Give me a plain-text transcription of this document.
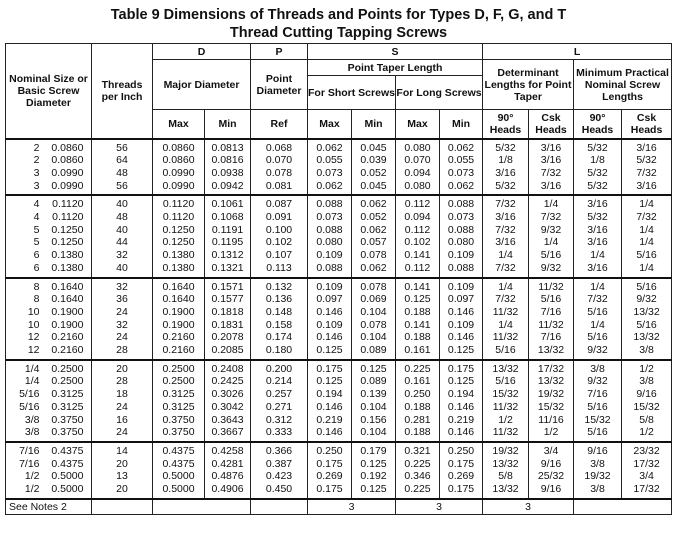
Table 9 Dimensions of Threads and Points for Types D, F, G, and T
Thread Cutting Tapping Screws
Nominal Size or Basic Screw Diameter	Threads per Inch	D		P	S				L			
		Major Diameter		Point Diameter	Point Taper Length				Determinant Lengths for Point Taper		Minimum Practical Nominal Screw Lengths	
					For Short Screws		For Long Screws					
		Max	Min	Ref	Max	Min	Max	Min	90° Heads	Csk Heads	90° Heads	Csk Heads
2 0.0860	56	0.0860	0.0813	0.068	0.062	0.045	0.080	0.062	5/32	3/16	5/32	3/16
2 0.0860	64	0.0860	0.0816	0.070	0.055	0.039	0.070	0.055	1/8	3/16	1/8	5/32
3 0.0990	48	0.0990	0.0938	0.078	0.073	0.052	0.094	0.073	3/16	7/32	5/32	7/32
3 0.0990	56	0.0990	0.0942	0.081	0.062	0.045	0.080	0.062	5/32	3/16	5/32	3/16
4 0.1120	40	0.1120	0.1061	0.087	0.088	0.062	0.112	0.088	7/32	1/4	3/16	1/4
4 0.1120	48	0.1120	0.1068	0.091	0.073	0.052	0.094	0.073	3/16	7/32	5/32	7/32
5 0.1250	40	0.1250	0.1191	0.100	0.088	0.062	0.112	0.088	7/32	9/32	3/16	1/4
5 0.1250	44	0.1250	0.1195	0.102	0.080	0.057	0.102	0.080	3/16	1/4	3/16	1/4
6 0.1380	32	0.1380	0.1312	0.107	0.109	0.078	0.141	0.109	1/4	5/16	1/4	5/16
6 0.1380	40	0.1380	0.1321	0.113	0.088	0.062	0.112	0.088	7/32	9/32	3/16	1/4
8 0.1640	32	0.1640	0.1571	0.132	0.109	0.078	0.141	0.109	1/4	11/32	1/4	5/16
8 0.1640	36	0.1640	0.1577	0.136	0.097	0.069	0.125	0.097	7/32	5/16	7/32	9/32
10 0.1900	24	0.1900	0.1818	0.148	0.146	0.104	0.188	0.146	11/32	7/16	5/16	13/32
10 0.1900	32	0.1900	0.1831	0.158	0.109	0.078	0.141	0.109	1/4	11/32	1/4	5/16
12 0.2160	24	0.2160	0.2078	0.174	0.146	0.104	0.188	0.146	11/32	7/16	5/16	13/32
12 0.2160	28	0.2160	0.2085	0.180	0.125	0.089	0.161	0.125	5/16	13/32	9/32	3/8
1/4 0.2500	20	0.2500	0.2408	0.200	0.175	0.125	0.225	0.175	13/32	17/32	3/8	1/2
1/4 0.2500	28	0.2500	0.2425	0.214	0.125	0.089	0.161	0.125	5/16	13/32	9/32	3/8
5/16 0.3125	18	0.3125	0.3026	0.257	0.194	0.139	0.250	0.194	15/32	19/32	7/16	9/16
5/16 0.3125	24	0.3125	0.3042	0.271	0.146	0.104	0.188	0.146	11/32	15/32	5/16	15/32
3/8 0.3750	16	0.3750	0.3643	0.312	0.219	0.156	0.281	0.219	1/2	11/16	15/32	5/8
3/8 0.3750	24	0.3750	0.3667	0.333	0.146	0.104	0.188	0.146	11/32	1/2	5/16	1/2
7/16 0.4375	14	0.4375	0.4258	0.366	0.250	0.179	0.321	0.250	19/32	3/4	9/16	23/32
7/16 0.4375	20	0.4375	0.4281	0.387	0.175	0.125	0.225	0.175	13/32	9/16	3/8	17/32
1/2 0.5000	13	0.5000	0.4876	0.423	0.269	0.192	0.346	0.269	5/8	25/32	19/32	3/4
1/2 0.5000	20	0.5000	0.4906	0.450	0.175	0.125	0.225	0.175	13/32	9/16	3/8	17/32
See Notes 2					3		3		3			
